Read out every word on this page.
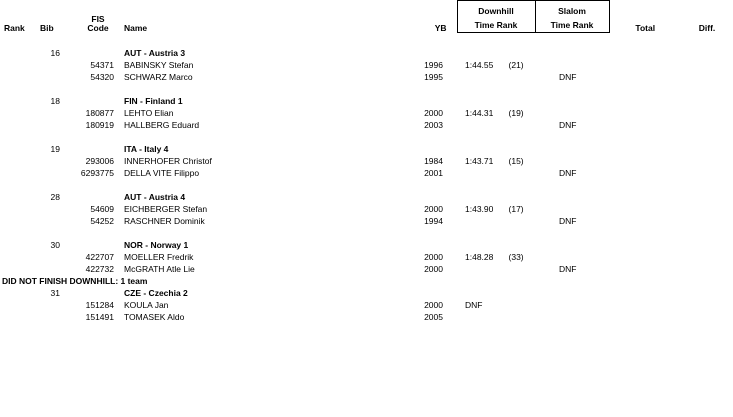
Rank	Bib	FIS
Code	Name	YB	Downhill	Slalom	Total	Diff.
					Time Rank	Time Rank		

	16		AUT - Austria 3					
		54371	BABINSKY Stefan	1996	1:44.55 (21)			

		54320	SCHWARZ Marco	1995		DNF		

	18		FIN - Finland 1					
		180877	LEHTO Elian	2000	1:44.31 (19)			

		180919	HALLBERG Eduard	2003		DNF		

	19		ITA - Italy 4					
		293006	INNERHOFER Christof	1984	1:43.71 (15)			

		6293775	DELLA VITE Filippo	2001		DNF		

	28		AUT - Austria 4					
		54609	EICHBERGER Stefan	2000	1:43.90 (17)			

		54252	RASCHNER Dominik	1994		DNF		

	30		NOR - Norway 1					
		422707	MOELLER Fredrik	2000	1:48.28 (33)			

		422732	McGRATH Atle Lie	2000		DNF		
DID NOT FINISH DOWNHILL: 1 team								
	31		CZE - Czechia 2					
		151284	KOULA Jan	2000	DNF			

		151491	TOMASEK Aldo	2005	
